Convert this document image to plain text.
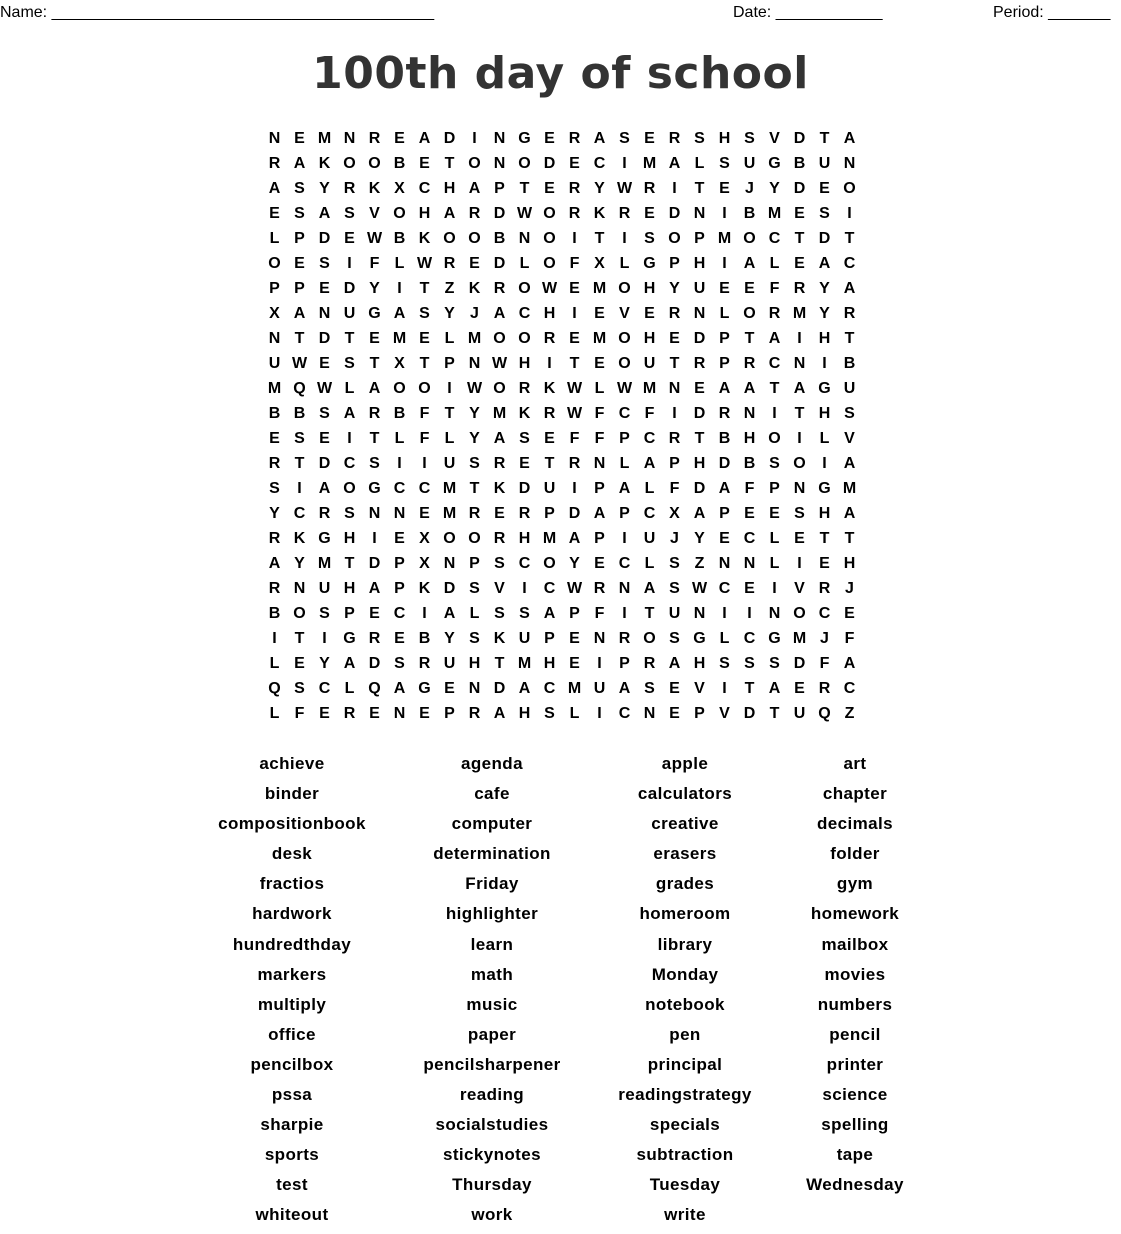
Name: ___________________________________________	Date: ____________	Period: _______
100th day of school
N E M N R E A D	I	N G E R A S E R S H S V D T A
R A K O O B E T O N O D E C	I	M A L S U G B U N
A S Y R K X C H A P T E R Y W R	I	T E J Y D E O
E S A S V O H A R D W O R K R E D N	I	B M E S	I
L P D E W B K O O B N O	I	T	I	S O P M O C T D T
O E S	I	F L W R E D L O F X L G P H	I	A L E A C
P P E D Y	I	T Z K R O W E M O H Y U E E F R Y A
X A N U G A S Y J A C H	I	E V E R N L O R M Y R
N T D T E M E L M O O R E M O H E D P T A	I	H T
U W E S T X T P N W H	I	T E O U T R P R C N	I	B
M Q W L A O O	I W O R K W L W M N E A A T A G U
B B S A R B F T Y M K R W F C F	I	D R N	I	T H S
E S E	I	T L F L Y A S E F F P C R T B H O	I	L V
R T D C S	I	I	U S R E T R N L A P H D B S O	I	A
S	I	A O G C C M T K D U	I	P A L F D A F P N G M
Y C R S N N E M R E R P D A P C X A P E E S H A
R K G H	I	E X O O R H M A P	I	U J Y E C L E T T
A Y M T D P X N P S C O Y E C L S Z N N L	I	E H
R N U H A P K D S V	I	C W R N A S W C E	I	V R J
B O S P E C	I	A L S S A P F	I	T U N	I	I	N O C E
I	T	I	G R E B Y S K U P E N R O S G L C G M J F
L E Y A D S R U H T M H E	I	P R A H S S S D F A
Q S C L Q A G E N D A C M U A S E V	I	T A E R C
L F E R E N E P R A H S L	I	C N E P V D T U Q Z
achieve	agenda	apple	art
binder	cafe	calculators	chapter
compositionbook	computer	creative	decimals
desk	determination	erasers	folder
fractios	Friday	grades	gym
hardwork	highlighter	homeroom	homework
hundredthday	learn	library	mailbox
markers	math	Monday	movies
multiply	music	notebook	numbers
office	paper	pen	pencil
pencilbox	pencilsharpener	principal	printer
pssa	reading	readingstrategy	science
sharpie	socialstudies	specials	spelling
sports	stickynotes	subtraction	tape
test	Thursday	Tuesday	Wednesday
whiteout	work	write
